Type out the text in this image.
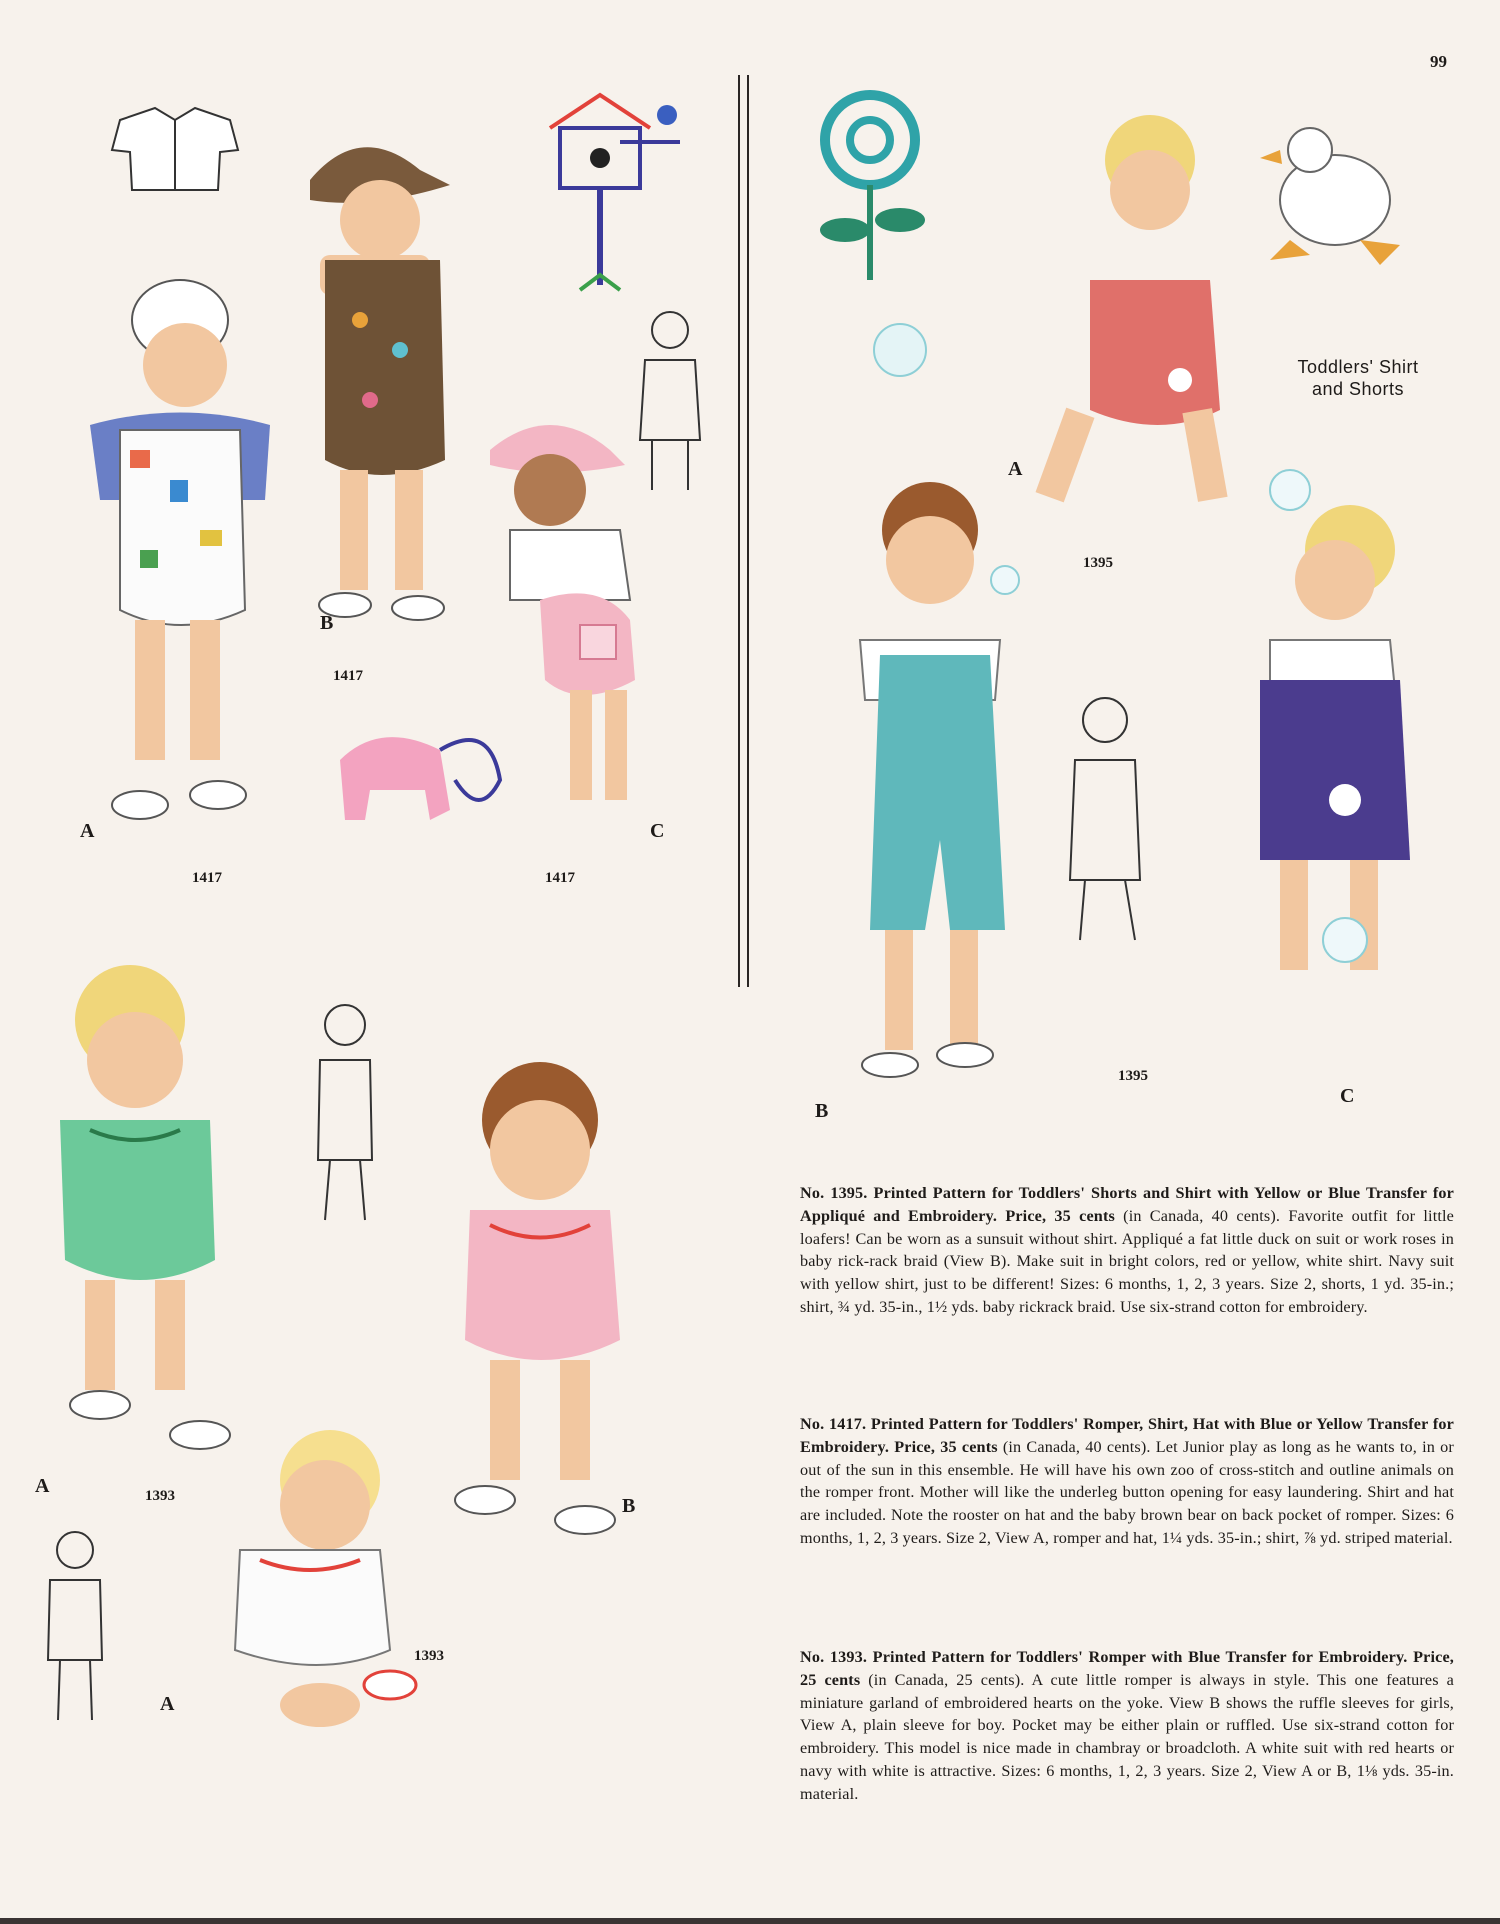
99
A
B
C
1417
1417	1417
Toddlers' Shirt
and Shorts
A
B
C
1395
1395
A
A
B
1393
1393
No. 1395. Printed Pattern for Toddlers' Shorts and Shirt with Yellow or Blue Transfer for Appliqué and Embroidery. Price, 35 cents (in Canada, 40 cents). Favorite outfit for little loafers! Can be worn as a sunsuit without shirt. Appliqué a fat little duck on suit or work roses in baby rick-rack braid (View B). Make suit in bright colors, red or yellow, white shirt. Navy suit with yellow shirt, just to be different! Sizes: 6 months, 1, 2, 3 years. Size 2, shorts, 1 yd. 35-in.; shirt, ¾ yd. 35-in., 1½ yds. baby rickrack braid. Use six-strand cotton for embroidery.
No. 1417. Printed Pattern for Toddlers' Romper, Shirt, Hat with Blue or Yellow Transfer for Embroidery. Price, 35 cents (in Canada, 40 cents). Let Junior play as long as he wants to, in or out of the sun in this ensemble. He will have his own zoo of cross-stitch and outline animals on the romper front. Mother will like the underleg button opening for easy laundering. Shirt and hat are included. Note the rooster on hat and the baby brown bear on back pocket of romper. Sizes: 6 months, 1, 2, 3 years. Size 2, View A, romper and hat, 1¼ yds. 35-in.; shirt, ⅞ yd. striped material.
No. 1393. Printed Pattern for Toddlers' Romper with Blue Transfer for Embroidery. Price, 25 cents (in Canada, 25 cents). A cute little romper is always in style. This one features a miniature garland of embroidered hearts on the yoke. View B shows the ruffle sleeves for girls, View A, plain sleeve for boy. Pocket may be either plain or ruffled. Use six-strand cotton for embroidery. This model is nice made in chambray or broadcloth. A white suit with red hearts or navy with white is attractive. Sizes: 6 months, 1, 2, 3 years. Size 2, View A or B, 1⅛ yds. 35-in. material.
